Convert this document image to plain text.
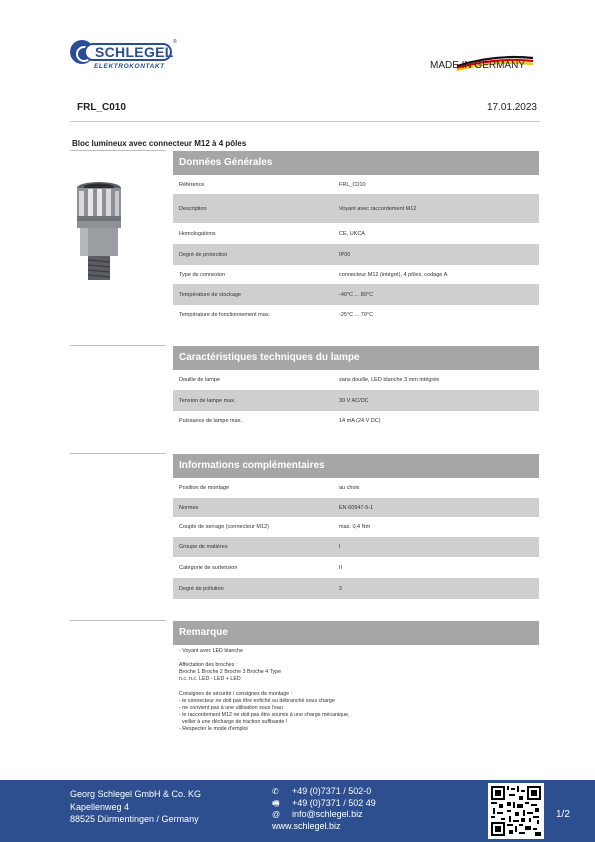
SCHLEGEL
®
ELEKTROKONTAKT	MADE IN GERMANY
FRL_C010	17.01.2023
Bloc lumineux avec connecteur M12 à 4 pôles
Données Générales
Référence	FRL_C010
Description	Voyant avec raccordement M12
Homologations	CE, UKCA
Degré de protection	IP00
Type de connexion	connecteur M12 (intégré), 4 pôles, codage A
Température de stockage	-40°C ... 80°C
Température de fonctionnement max.	-25°C ... 70°C
Caractéristiques techniques du lampe
Douille de lampe	sans douille, LED blanche 3 mm intégrée
Tension de lampe max.	30 V AC/DC
Puissance de lampe max.	14 mA (24 V DC)
Informations complémentaires
Position de montage	au choix
Normes	EN 60947-5-1
Couple de serrage (connecteur M12)	max. 0,4 Nm
Groupe de matières	I
Catégorie de surtension	II
Degré de pollution	2
Remarque
- Voyant avec LED blanche

Affectation des broches :
Broche 1 Broche 2 Broche 3 Broche 4 Type
n.c. n.c. LED - LED + LED

Consignes de sécurité / consignes de montage :
- le connecteur ne doit pas être enfiché ou débranché sous charge
- ne convient pas à une utilisation sous l'eau
- le raccordement M12 ne doit pas être soumis à une charge mécanique,
veiller à une décharge de traction suffisante !
- Respecter le mode d'emploi
Georg Schlegel GmbH & Co. KG
Kapellenweg 4
88525 Dürmentingen / Germany
✆	+49 (0)7371 / 502-0
🖷	+49 (0)7371 / 502 49
@	info@schlegel.biz
www.schlegel.biz
1/2
